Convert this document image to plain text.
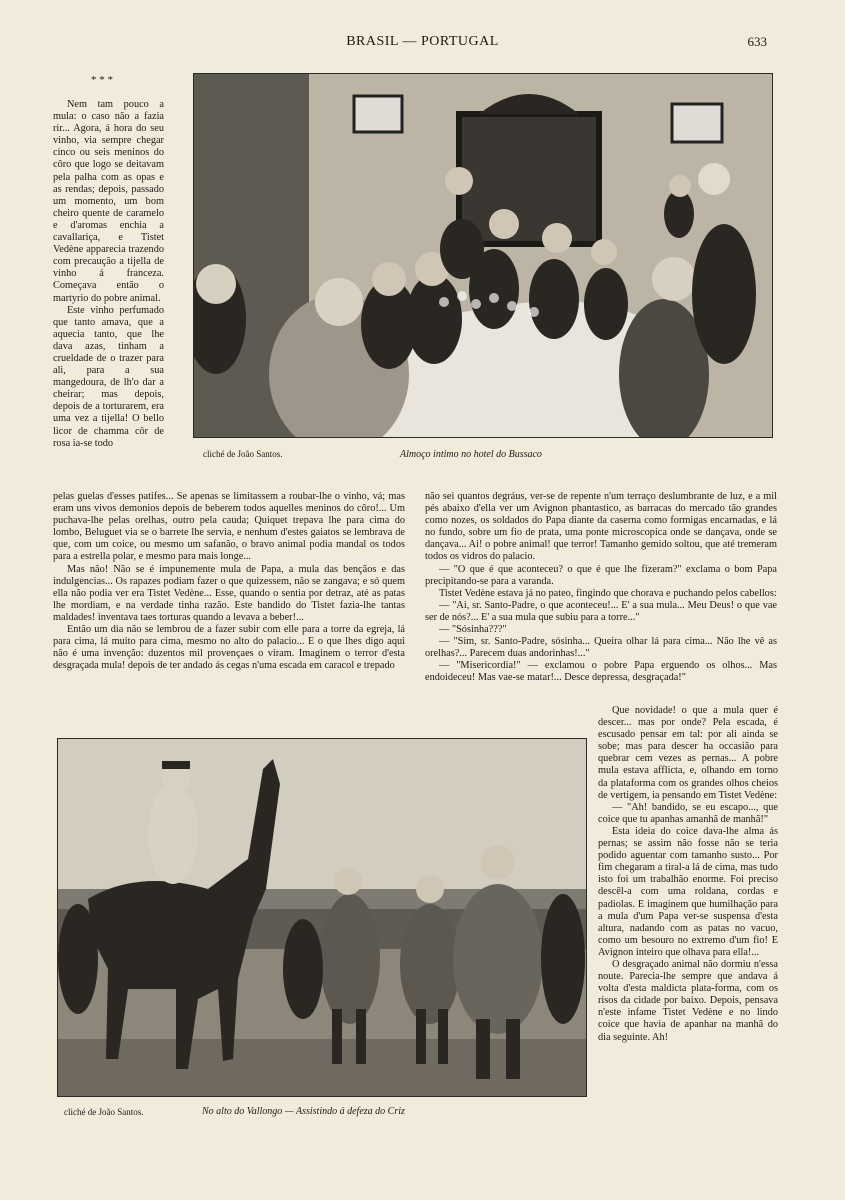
BRASIL — PORTUGAL	633
* * *
cliché de João Santos.	Almoço intimo no hotel do Bussaco

Nem tam pouco a mula: o caso não a fazia rir... Agora, á hora do seu vinho, via sempre chegar cinco ou seis meninos do côro que logo se deitavam pela palha com as opas e as rendas; depois, passado um momento, um bom cheiro quente de caramelo e d'aromas enchia a cavallariça, e Tistet Vedène apparecia trazendo com precaução a tijella de vinho á franceza. Começava então o martyrio do pobre animal.

Este vinho perfumado que tanto amava, que a aquecia tanto, que lhe dava azas, tinham a crueldade de o trazer para ali, para a sua mangedoura, de lh'o dar a cheirar; mas depois, depois de a torturarem, era uma vez a tijella! O bello licor de chamma côr de rosa ia-se todo

pelas guelas d'esses patifes... Se apenas se limitassem a roubar-lhe o vinho, vá; mas eram uns vivos demonios depois de beberem todos aquelles meninos do côro!... Um puchava-lhe pelas orelhas, outro pela cauda; Quiquet trepava lhe para cima do lombo, Beluguet via se o barrete lhe servia, e nenhum d'estes gaiatos se lembrava de que, com um coice, ou mesmo um safanão, o bravo animal podia mandal os todos para a estrella polar, e mesmo para mais longe...

Mas não! Não se é impunemente mula de Papa, a mula das bençãos e das indulgencias... Os rapazes podiam fazer o que quizessem, não se zangava; e só quem ella não podia ver era Tistet Vedène... Esse, quando o sentia por detraz, até as patas lhe mordiam, e na verdade tinha razão. Este bandido do Tistet fazia-lhe tantas maldades! inventava taes torturas quando a levava a beber!...

Então um dia não se lembrou de a fazer subir com elle para a torre da egreja, lá para cima, lá muito para cima, mesmo no alto do palacio... E o que lhes digo aqui não é uma invenção: duzentos mil provençaes o viram. Imaginem o terror d'esta desgraçada mula! depois de ter andado ás cegas n'uma escada em caracol e trepado

não sei quantos degráus, ver-se de repente n'um terraço deslumbrante de luz, e a mil pés abaixo d'ella ver um Avignon phantastico, as barracas do mercado tão grandes como nozes, os soldados do Papa diante da caserna como formigas encarnadas, e lá no fundo, sobre um fio de prata, uma ponte microscopica onde se dançava, onde se dançava... Ai! o pobre animal! que terror! Tamanho gemido soltou, que até tremeram todos os vidros do palacio.

— "O que é que aconteceu? o que é que lhe fizeram?" exclama o bom Papa precipitando-se para a varanda.

Tistet Vedène estava já no pateo, fingindo que chorava e puchando pelos cabellos:

— "Ai, sr. Santo-Padre, o que aconteceu!... E' a sua mula... Meu Deus! o que vae ser de nós?... E' a sua mula que subiu para a torre..."

— "Sósinha???"

— "Sim, sr. Santo-Padre, sósinha... Queira olhar lá para cima... Não lhe vê as orelhas?... Parecem duas andorinhas!..."

— "Misericordia!" — exclamou o pobre Papa erguendo os olhos... Mas endoideceu! Mas vae-se matar!... Desce depressa, desgraçada!"

cliché de João Santos.	No alto do Vallongo — Assistindo á defeza do Criz

Que novidade! o que a mula quer é descer... mas por onde? Pela escada, é escusado pensar em tal: por ali ainda se sobe; mas para descer ha occasião para quebrar cem vezes as pernas... A pobre mula estava afflicta, e, olhando em torno da plataforma com os grandes olhos cheios de vertigem, ia pensando em Tistet Vedène:

— "Ah! bandido, se eu escapo..., que coice que tu apanhas amanhã de manhã!"

Esta ideia do coice dava-lhe alma ás pernas; se assim não fosse não se teria podido aguentar com tamanho susto... Por fim chegaram a tiral-a lá de cima, mas tudo isto foi um trabalhão enorme. Foi preciso descêl-a com uma roldana, cordas e padiolas. E imaginem que humilhação para a mula d'um Papa ver-se suspensa d'esta altura, nadando com as patas no vacuo, como um besouro no extremo d'um fio! E Avignon inteiro que olhava para ella!...

O desgraçado animal não dormiu n'essa noute. Parecia-lhe sempre que andava á volta d'esta maldicta plata-forma, com os risos da cidade por baixo. Depois, pensava n'este infame Tistet Vedène e no lindo coice que havia de apanhar na manhã do dia seguinte. Ah!
